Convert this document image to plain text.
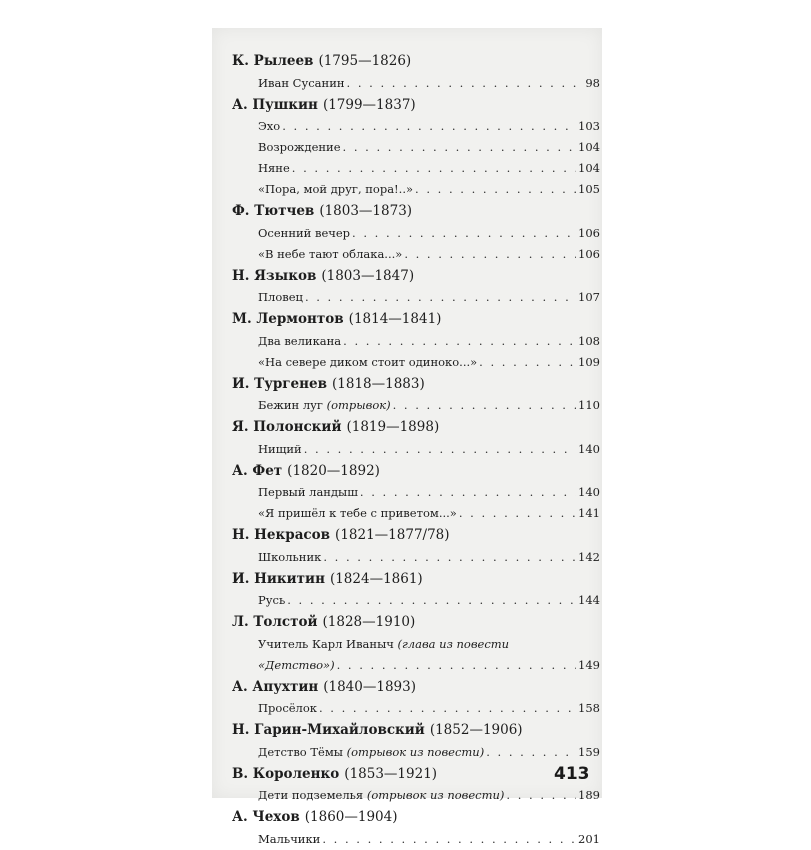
К. Рылеев (1795—1826)
Иван Сусанин . . .	98
А. Пушкин (1799—1837)
Эхо . . .	103
Возрождение . . .	104
Няне . . .	104
«Пора, мой друг, пора!..» . . .	105
Ф. Тютчев (1803—1873)
Осенний вечер . . .	106
«В небе тают облака...» . . .	106
Н. Языков (1803—1847)
Пловец . . .	107
М. Лермонтов (1814—1841)
Два великана . . .	108
«На севере диком стоит одиноко...» . . .	109
И. Тургенев (1818—1883)
Бежин луг (отрывок) . . .	110
Я. Полонский (1819—1898)
Нищий . . .	140
А. Фет (1820—1892)
Первый ландыш . . .	140
«Я пришёл к тебе с приветом...» . . .	141
Н. Некрасов (1821—1877/78)
Школьник . . .	142
И. Никитин (1824—1861)
Русь . . .	144
Л. Толстой (1828—1910)
Учитель Карл Иваныч (глава из повести
«Детство») . . .	149
А. Апухтин (1840—1893)
Просёлок . . .	158
Н. Гарин-Михайловский (1852—1906)
Детство Тёмы (отрывок из повести) . . .	159
В. Короленко (1853—1921)
Дети подземелья (отрывок из повести) . . .	189
А. Чехов (1860—1904)
Мальчики . . .	201
413
